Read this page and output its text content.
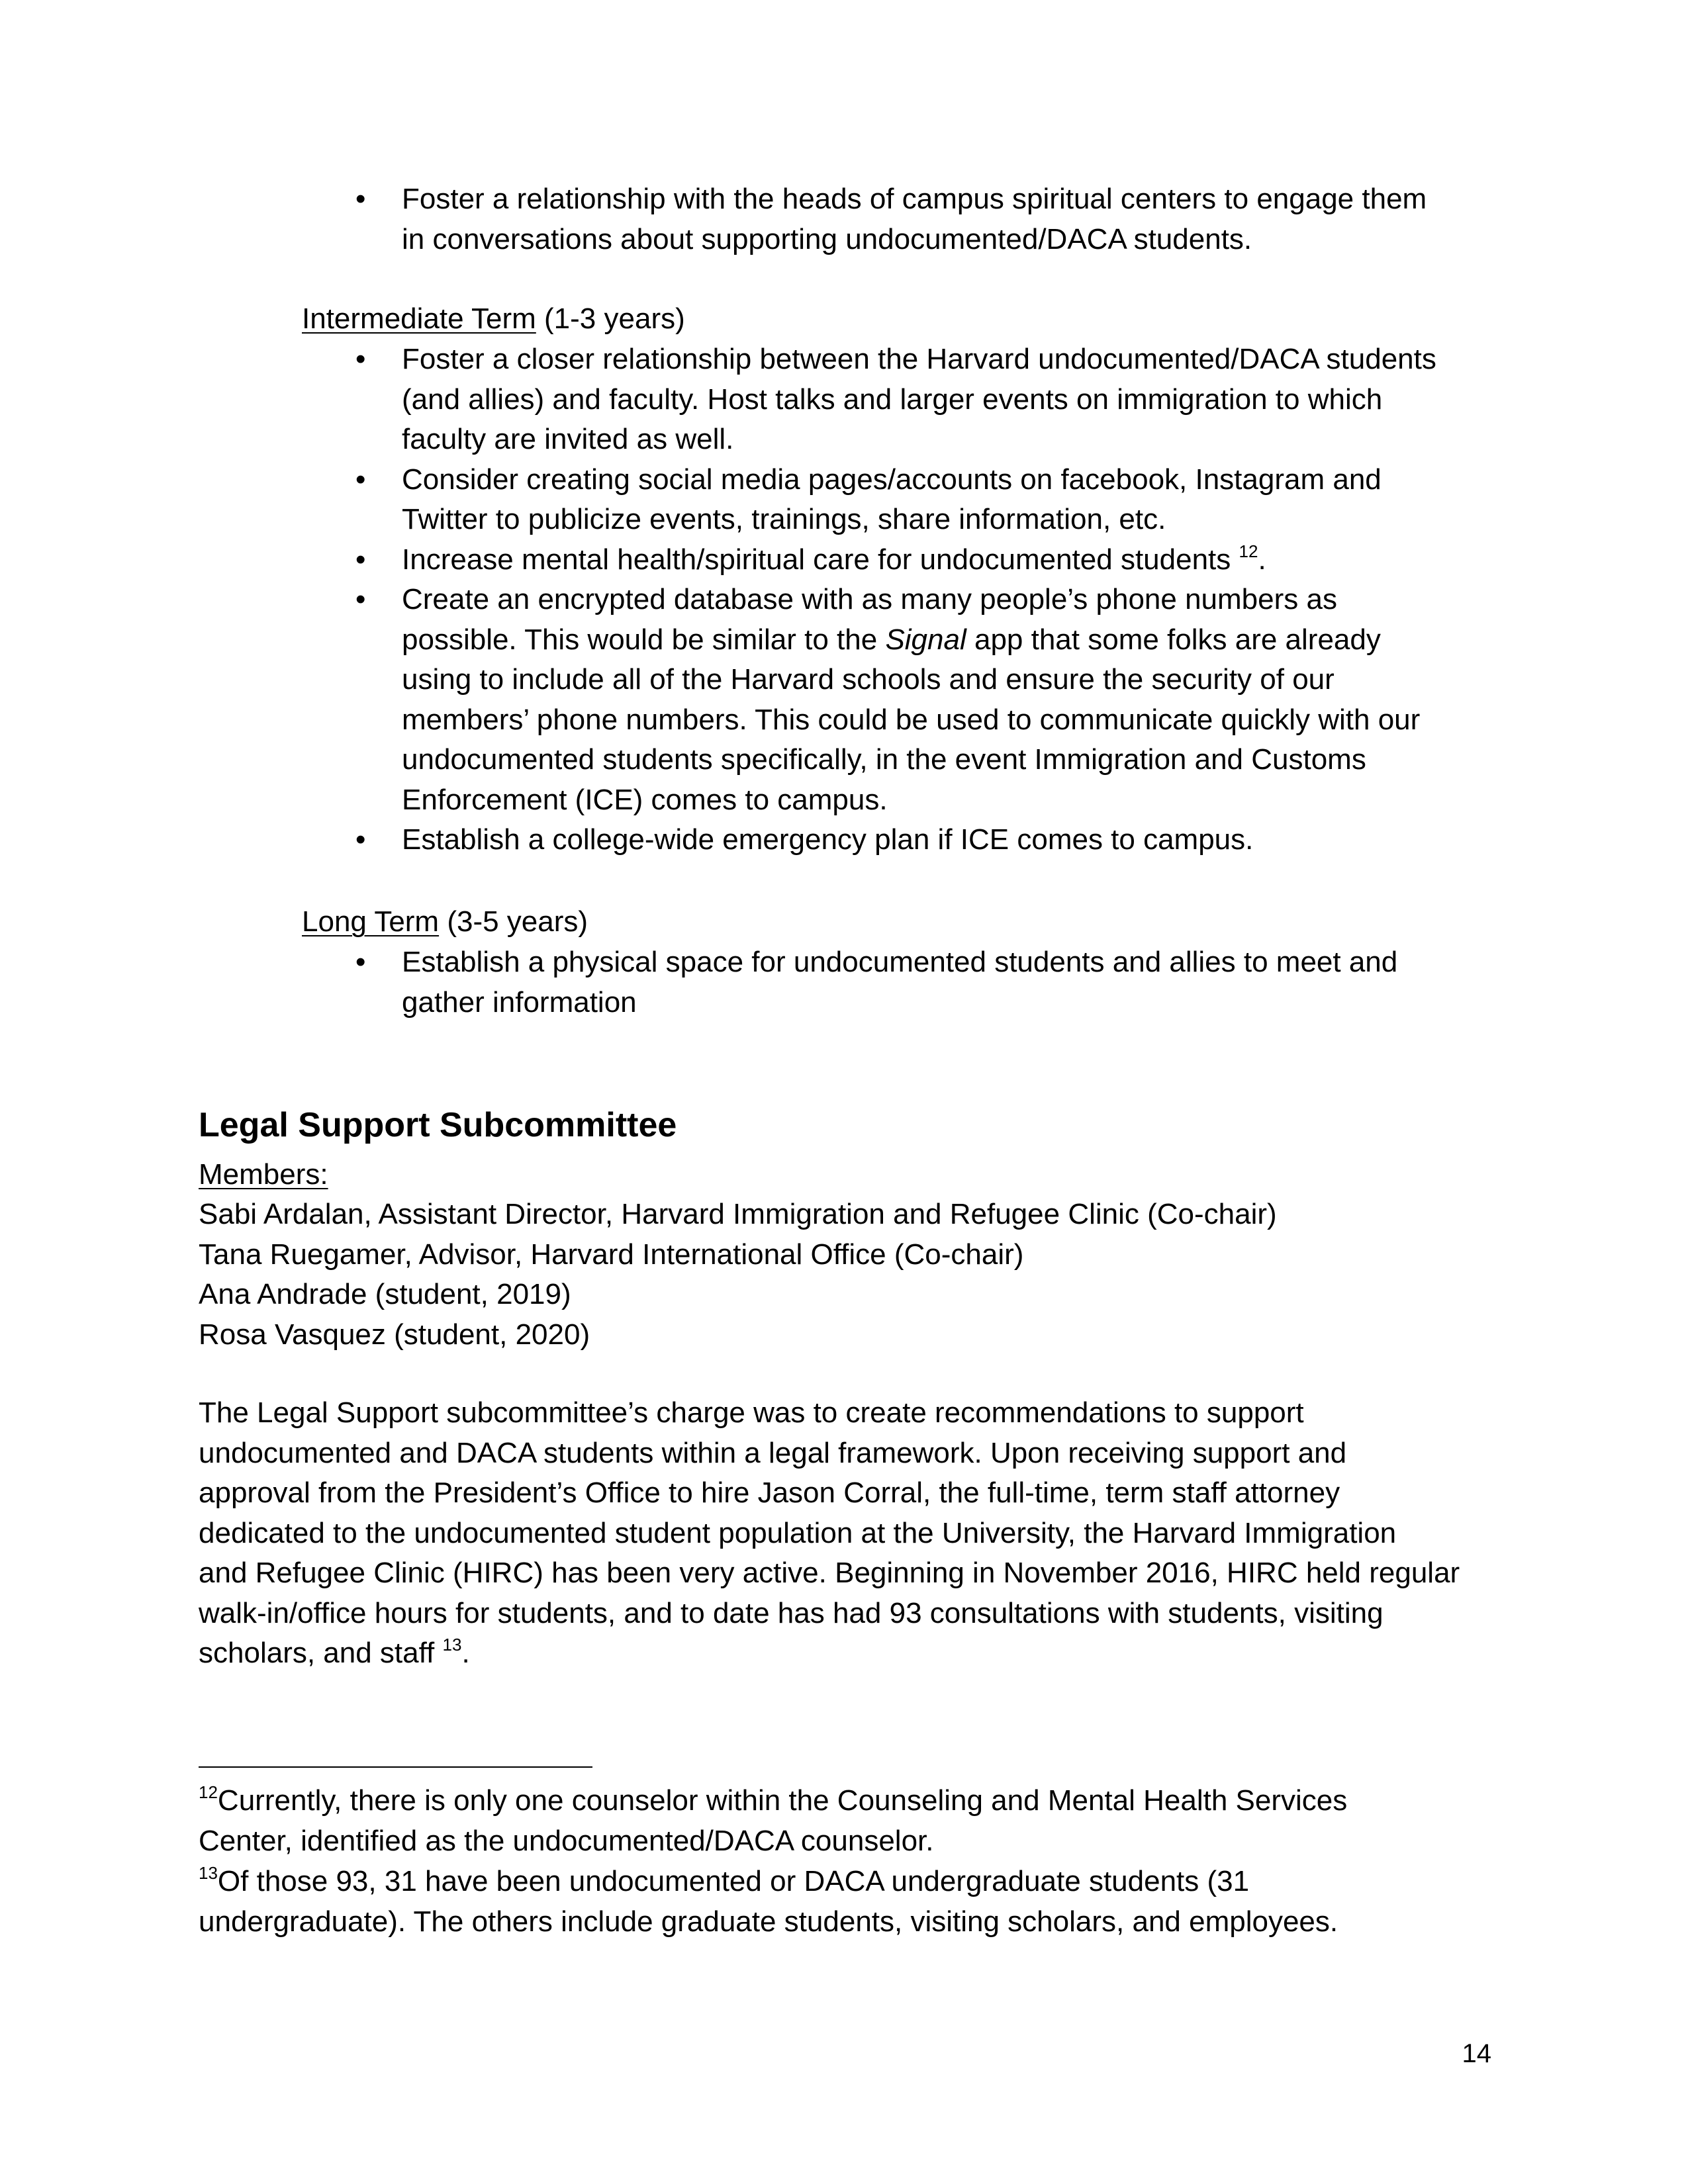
• Foster a relationship with the heads of campus spiritual centers to engage them
in conversations about supporting undocumented/DACA students.
Intermediate Term (1-3 years)
• Foster a closer relationship between the Harvard undocumented/DACA students
(and allies) and faculty. Host talks and larger events on immigration to which
faculty are invited as well.
• Consider creating social media pages/accounts on facebook, Instagram and
Twitter to publicize events, trainings, share information, etc.
• Increase mental health/spiritual care for undocumented students $^{12}$.
• Create an encrypted database with as many people’s phone numbers as
possible. This would be similar to the Signal app that some folks are already
using to include all of the Harvard schools and ensure the security of our
members’ phone numbers. This could be used to communicate quickly with our
undocumented students specifically, in the event Immigration and Customs
Enforcement (ICE) comes to campus.
• Establish a college-wide emergency plan if ICE comes to campus.
Long Term (3-5 years)
• Establish a physical space for undocumented students and allies to meet and
gather information
Legal Support Subcommittee
Members:
Sabi Ardalan, Assistant Director, Harvard Immigration and Refugee Clinic (Co-chair)
Tana Ruegamer, Advisor, Harvard International Office (Co-chair)
Ana Andrade (student, 2019)
Rosa Vasquez (student, 2020)
The Legal Support subcommittee’s charge was to create recommendations to support
undocumented and DACA students within a legal framework. Upon receiving support and
approval from the President’s Office to hire Jason Corral, the full-time, term staff attorney
dedicated to the undocumented student population at the University, the Harvard Immigration
and Refugee Clinic (HIRC) has been very active. Beginning in November 2016, HIRC held regular
walk-in/office hours for students, and to date has had 93 consultations with students, visiting
scholars, and staff $^{13}$.
$^{12}$Currently, there is only one counselor within the Counseling and Mental Health Services
Center, identified as the undocumented/DACA counselor.
$^{13}$Of those 93, 31 have been undocumented or DACA undergraduate students (31
undergraduate). The others include graduate students, visiting scholars, and employees.
14
